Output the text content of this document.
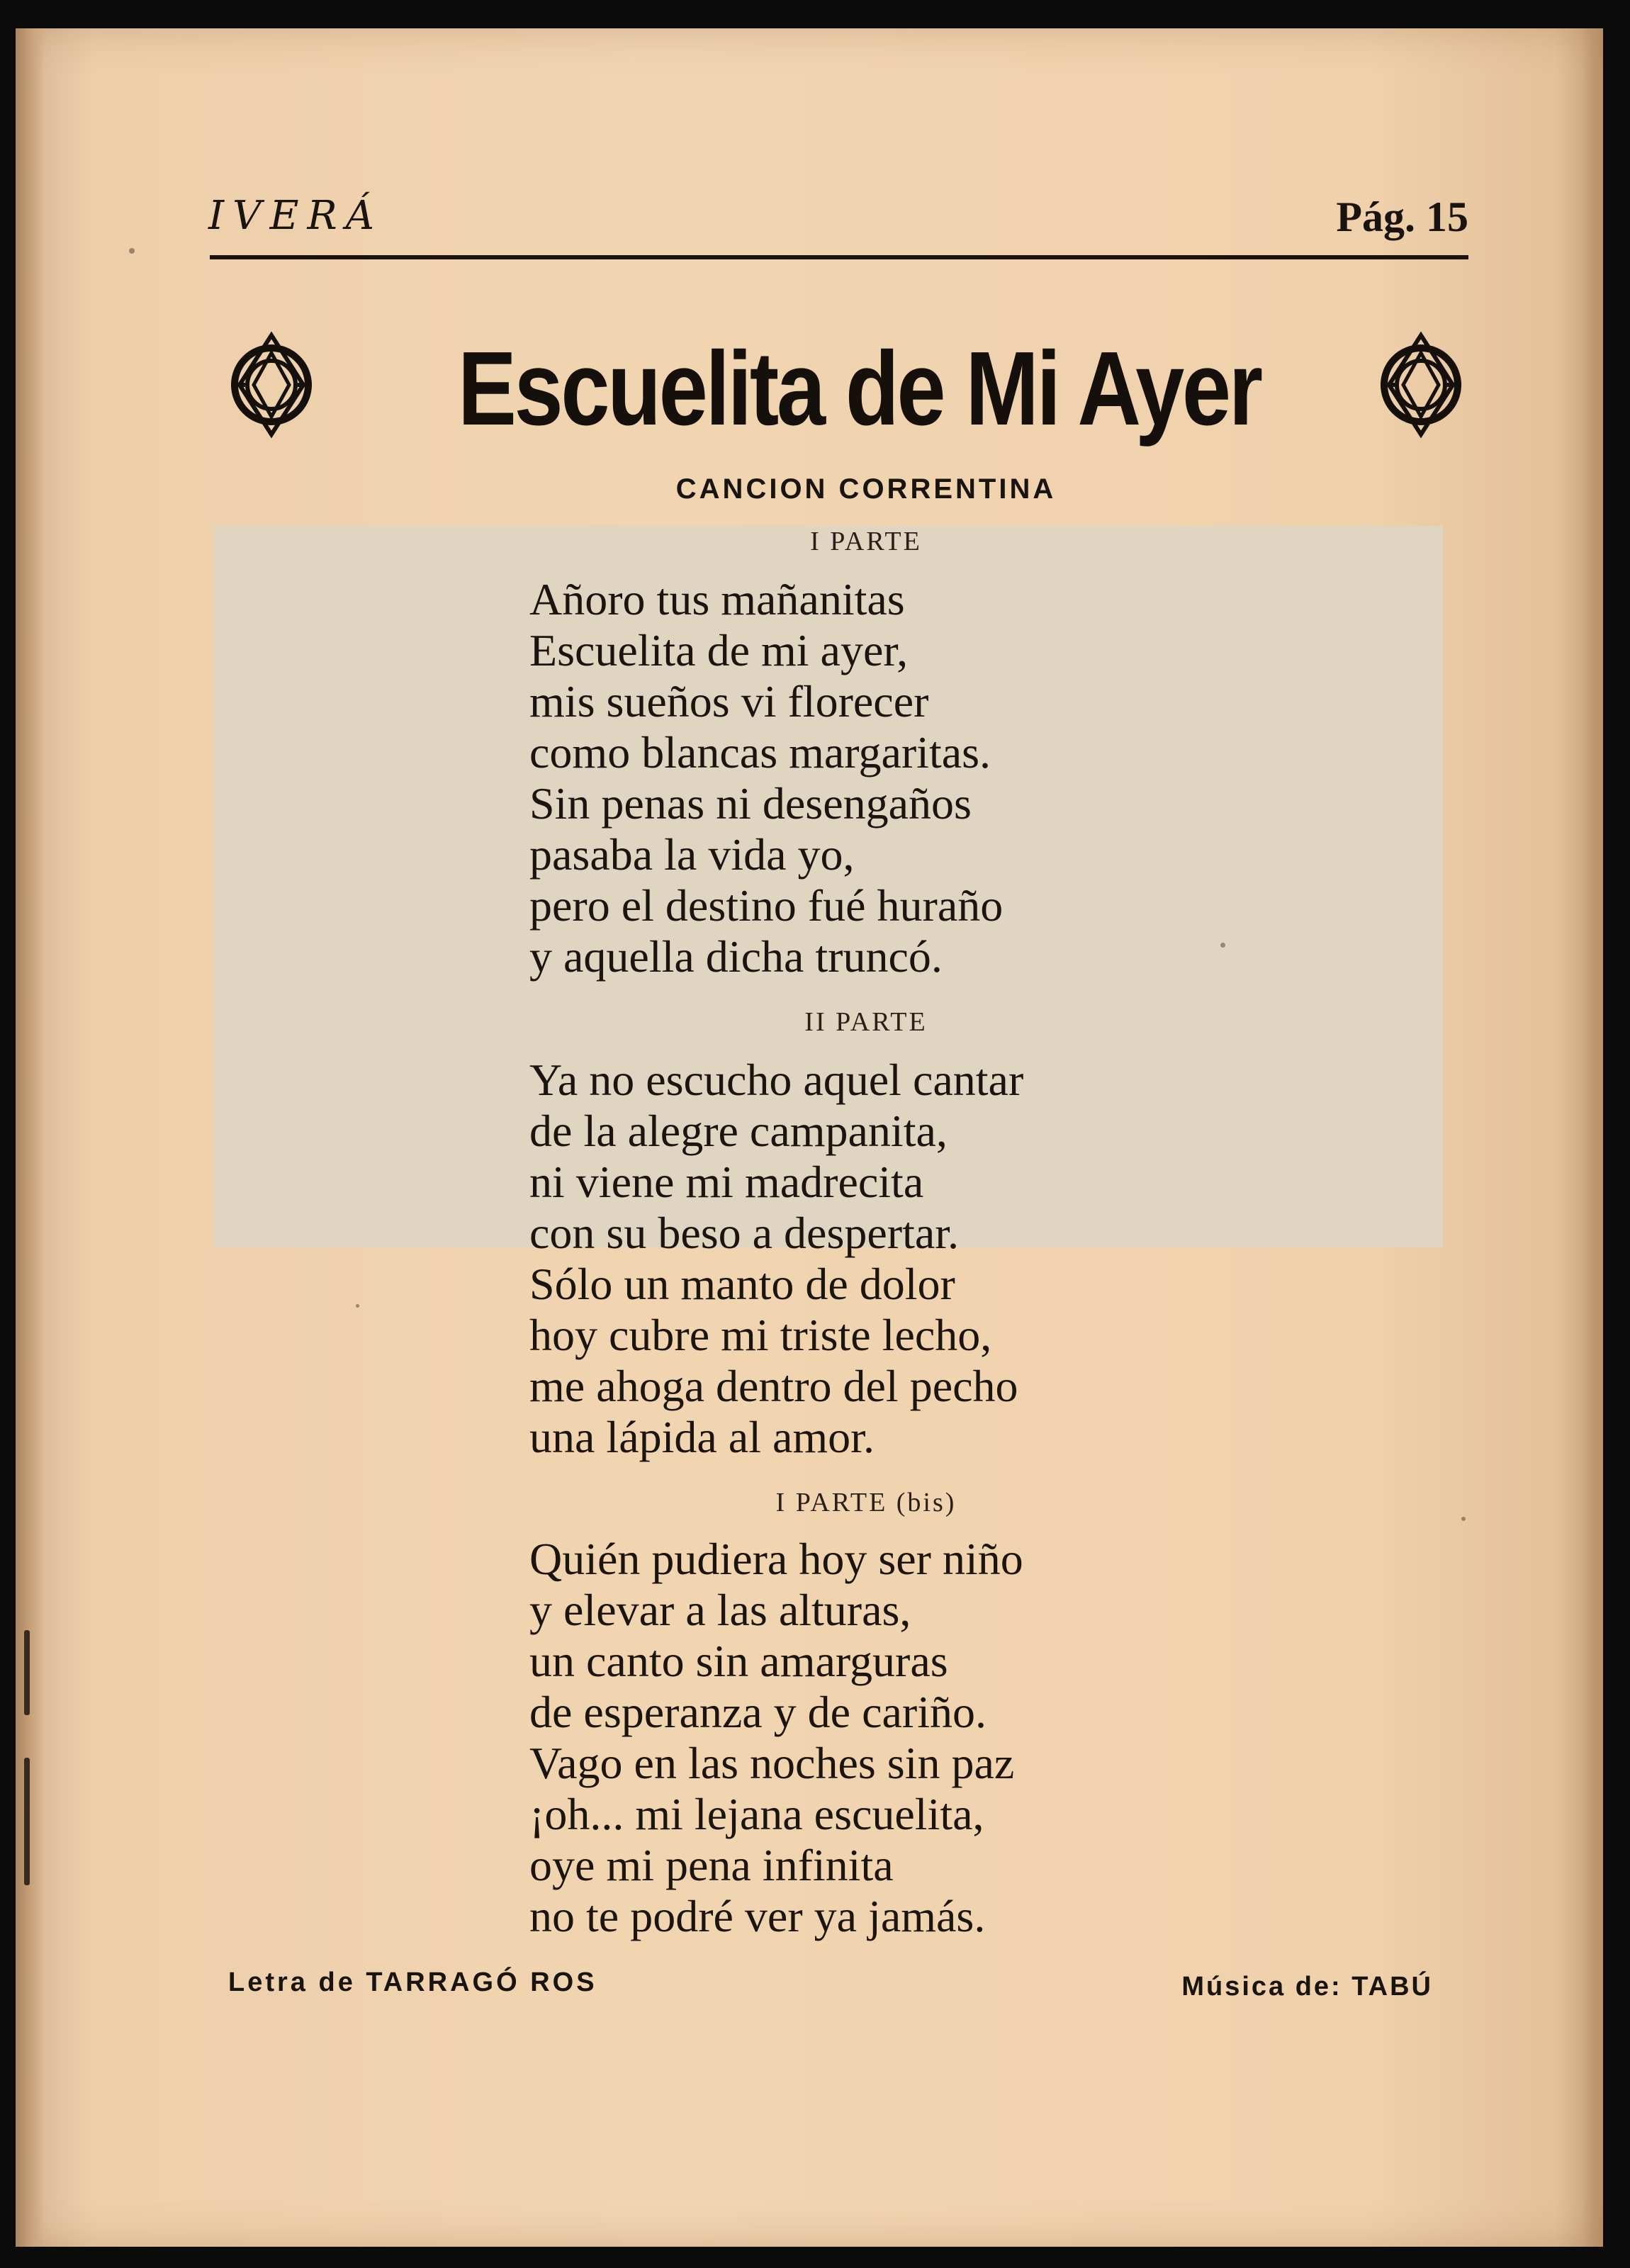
IVERÁ	Pág. 15
Escuelita de Mi Ayer
CANCION CORRENTINA
I PARTE
Añoro tus mañanitas
Escuelita de mi ayer,
mis sueños vi florecer
como blancas margaritas.
Sin penas ni desengaños
pasaba la vida yo,
pero el destino fué huraño
y aquella dicha truncó.
II PARTE
Ya no escucho aquel cantar
de la alegre campanita,
ni viene mi madrecita
con su beso a despertar.
Sólo un manto de dolor
hoy cubre mi triste lecho,
me ahoga dentro del pecho
una lápida al amor.
I PARTE (bis)
Quién pudiera hoy ser niño
y elevar a las alturas,
un canto sin amarguras
de esperanza y de cariño.
Vago en las noches sin paz
¡oh... mi lejana escuelita,
oye mi pena infinita
no te podré ver ya jamás.
Letra de TARRAGÓ ROS	Música de: TABÚ
